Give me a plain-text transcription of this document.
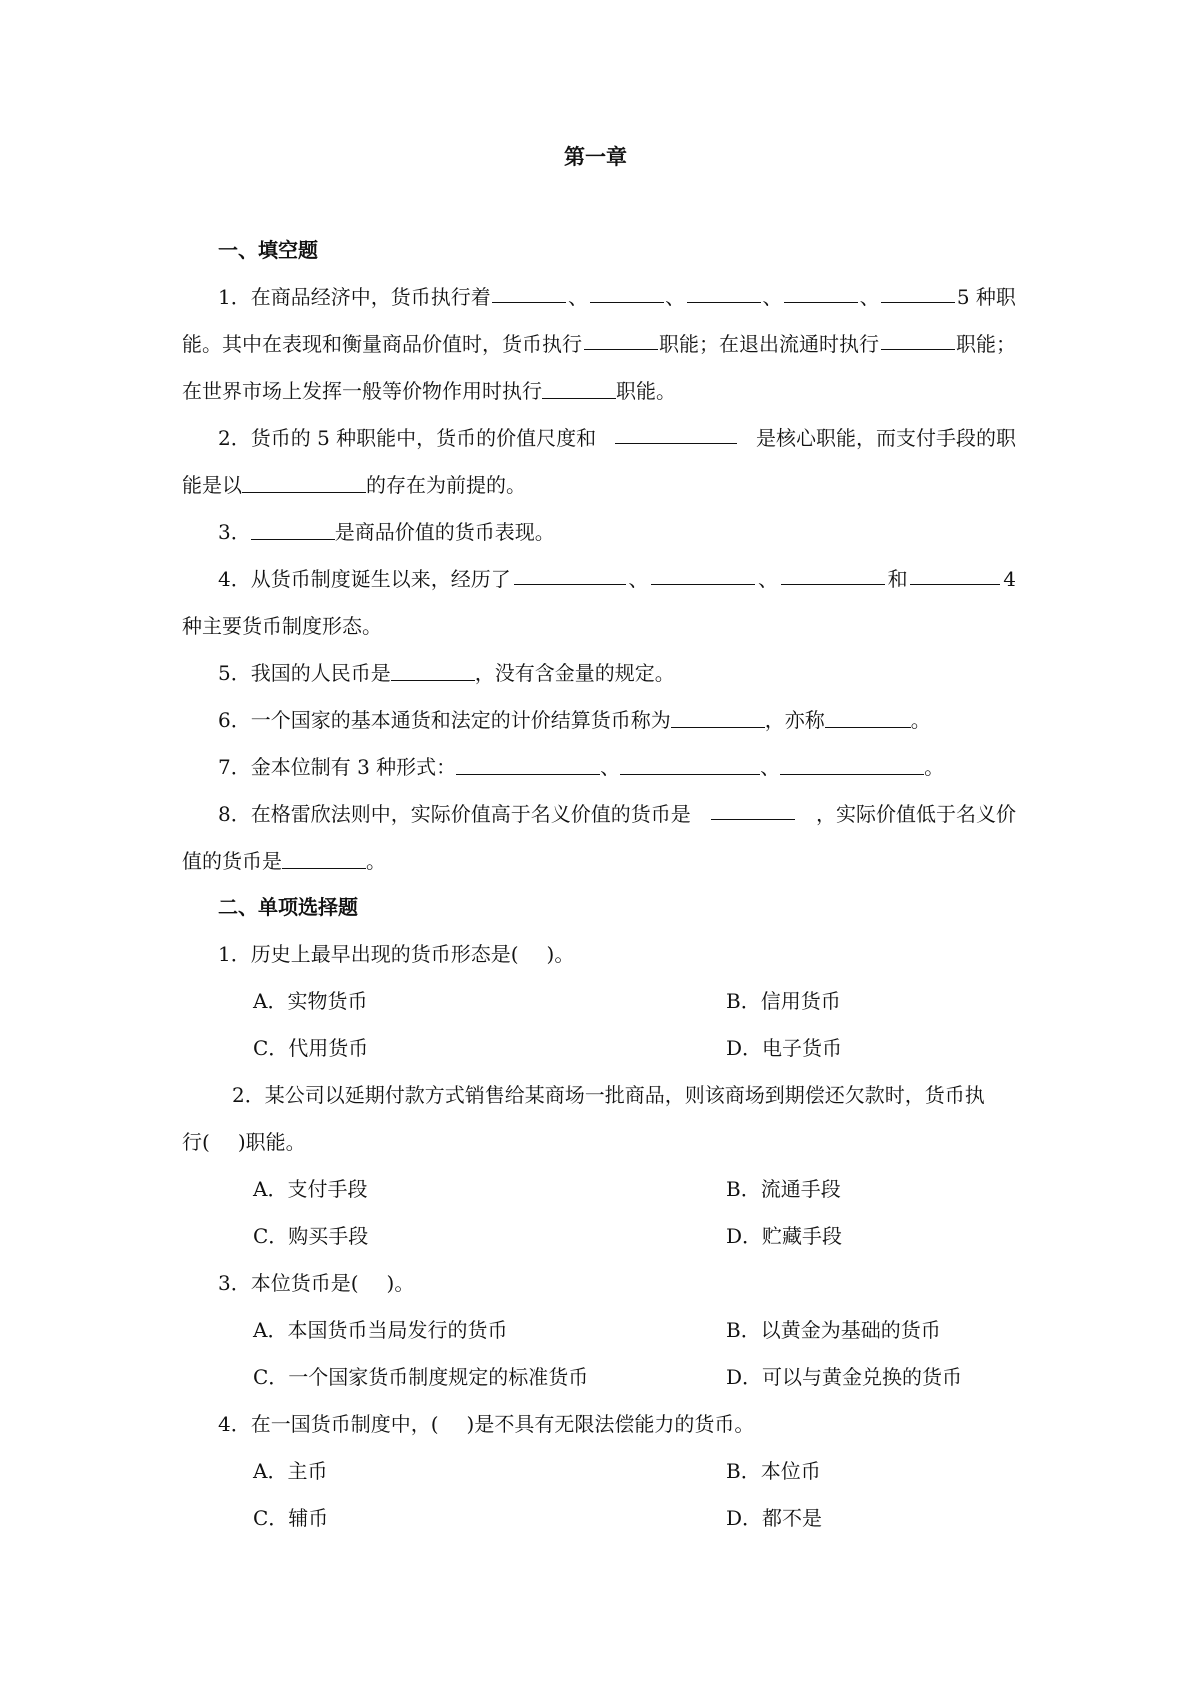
第一章
一、填空题
1．在商品经济中，货币执行着	、	、	、	、	5 种职
能。其中在表现和衡量商品价值时，货币执行	职能；在退出流通时执行	职能；
在世界市场上发挥一般等价物作用时执行	职能。
2．货币的 5 种职能中，货币的价值尺度和	是核心职能，而支付手段的职
能是以	的存在为前提的。
3．	是商品价值的货币表现。
4．从货币制度诞生以来，经历了	、	、	和	4
种主要货币制度形态。
5．我国的人民币是	，没有含金量的规定。
6．一个国家的基本通货和法定的计价结算货币称为	，亦称	。
7．金本位制有 3 种形式：	、	、	。
8．在格雷欣法则中，实际价值高于名义价值的货币是	，实际价值低于名义价
值的货币是	。
二、单项选择题
1．历史上最早出现的货币形态是( )。
A．实物货币	B．信用货币
C．代用货币	D．电子货币
2．某公司以延期付款方式销售给某商场一批商品，则该商场到期偿还欠款时，货币执
行( )职能。
A．支付手段	B．流通手段
C．购买手段	D．贮藏手段
3．本位货币是( )。
A．本国货币当局发行的货币	B．以黄金为基础的货币
C．一个国家货币制度规定的标准货币	D．可以与黄金兑换的货币
4．在一国货币制度中，( )是不具有无限法偿能力的货币。
A．主币	B．本位币
C．辅币	D．都不是
